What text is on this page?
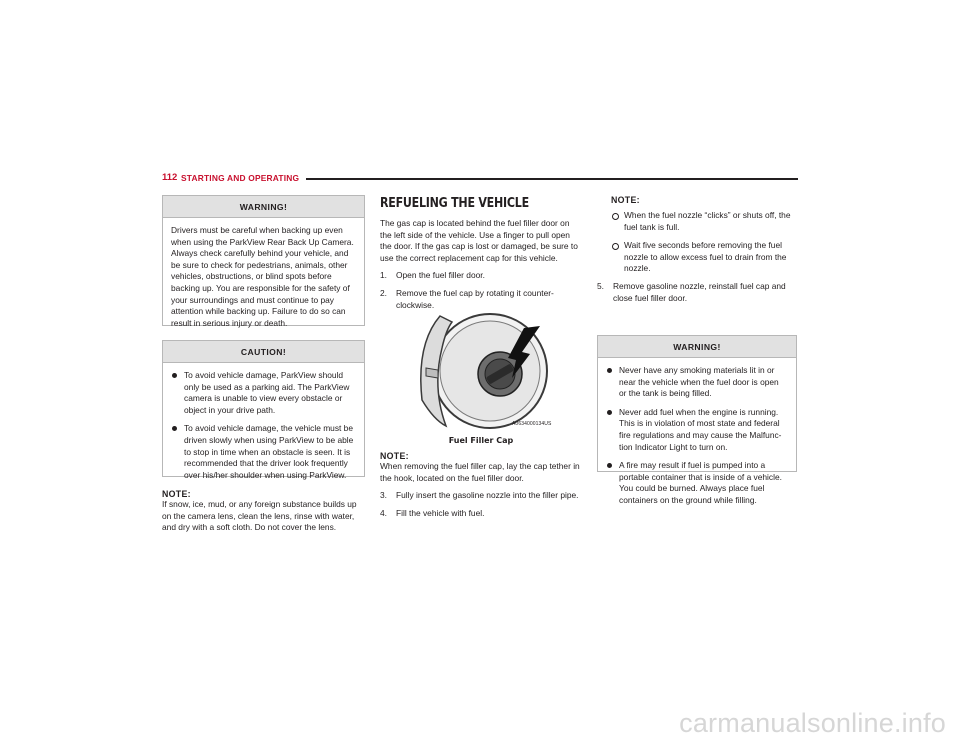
112 STARTING AND OPERATING
WARNING!
Drivers must be careful when backing up even when using the ParkView Rear Back Up Camera. Always check carefully behind your vehicle, and be sure to check for pedestrians, animals, other vehicles, obstructions, or blind spots before backing up. You are responsible for the safety of your surroundings and must continue to pay attention while backing up. Failure to do so can result in serious injury or death.
CAUTION!
To avoid vehicle damage, ParkView should only be used as a parking aid. The ParkView camera is unable to view every obstacle or object in your drive path.
To avoid vehicle damage, the vehicle must be driven slowly when using ParkView to be able to stop in time when an obstacle is seen. It is recommended that the driver look frequently over his/her shoulder when using ParkView.
NOTE:
If snow, ice, mud, or any foreign substance builds up on the camera lens, clean the lens, rinse with water, and dry with a soft cloth. Do not cover the lens.
REFUELING THE VEHICLE
The gas cap is located behind the fuel filler door on the left side of the vehicle. Use a finger to pull open the door. If the gas cap is lost or damaged, be sure to use the correct replacement cap for this vehicle.
1. Open the fuel filler door.
2. Remove the fuel cap by rotating it counter-clockwise.
A0634000134US
Fuel Filler Cap
NOTE:
When removing the fuel filler cap, lay the cap tether in the hook, located on the fuel filler door.
3. Fully insert the gasoline nozzle into the filler pipe.
4. Fill the vehicle with fuel.
NOTE:
When the fuel nozzle “clicks” or shuts off, the fuel tank is full.
Wait five seconds before removing the fuel nozzle to allow excess fuel to drain from the nozzle.
5. Remove gasoline nozzle, reinstall fuel cap and close fuel filler door.
WARNING!
Never have any smoking materials lit in or near the vehicle when the fuel door is open or the tank is being filled.
Never add fuel when the engine is running. This is in violation of most state and federal fire regulations and may cause the Malfunc-tion Indicator Light to turn on.
A fire may result if fuel is pumped into a portable container that is inside of a vehicle. You could be burned. Always place fuel containers on the ground while filling.
carmanualsonline.info
